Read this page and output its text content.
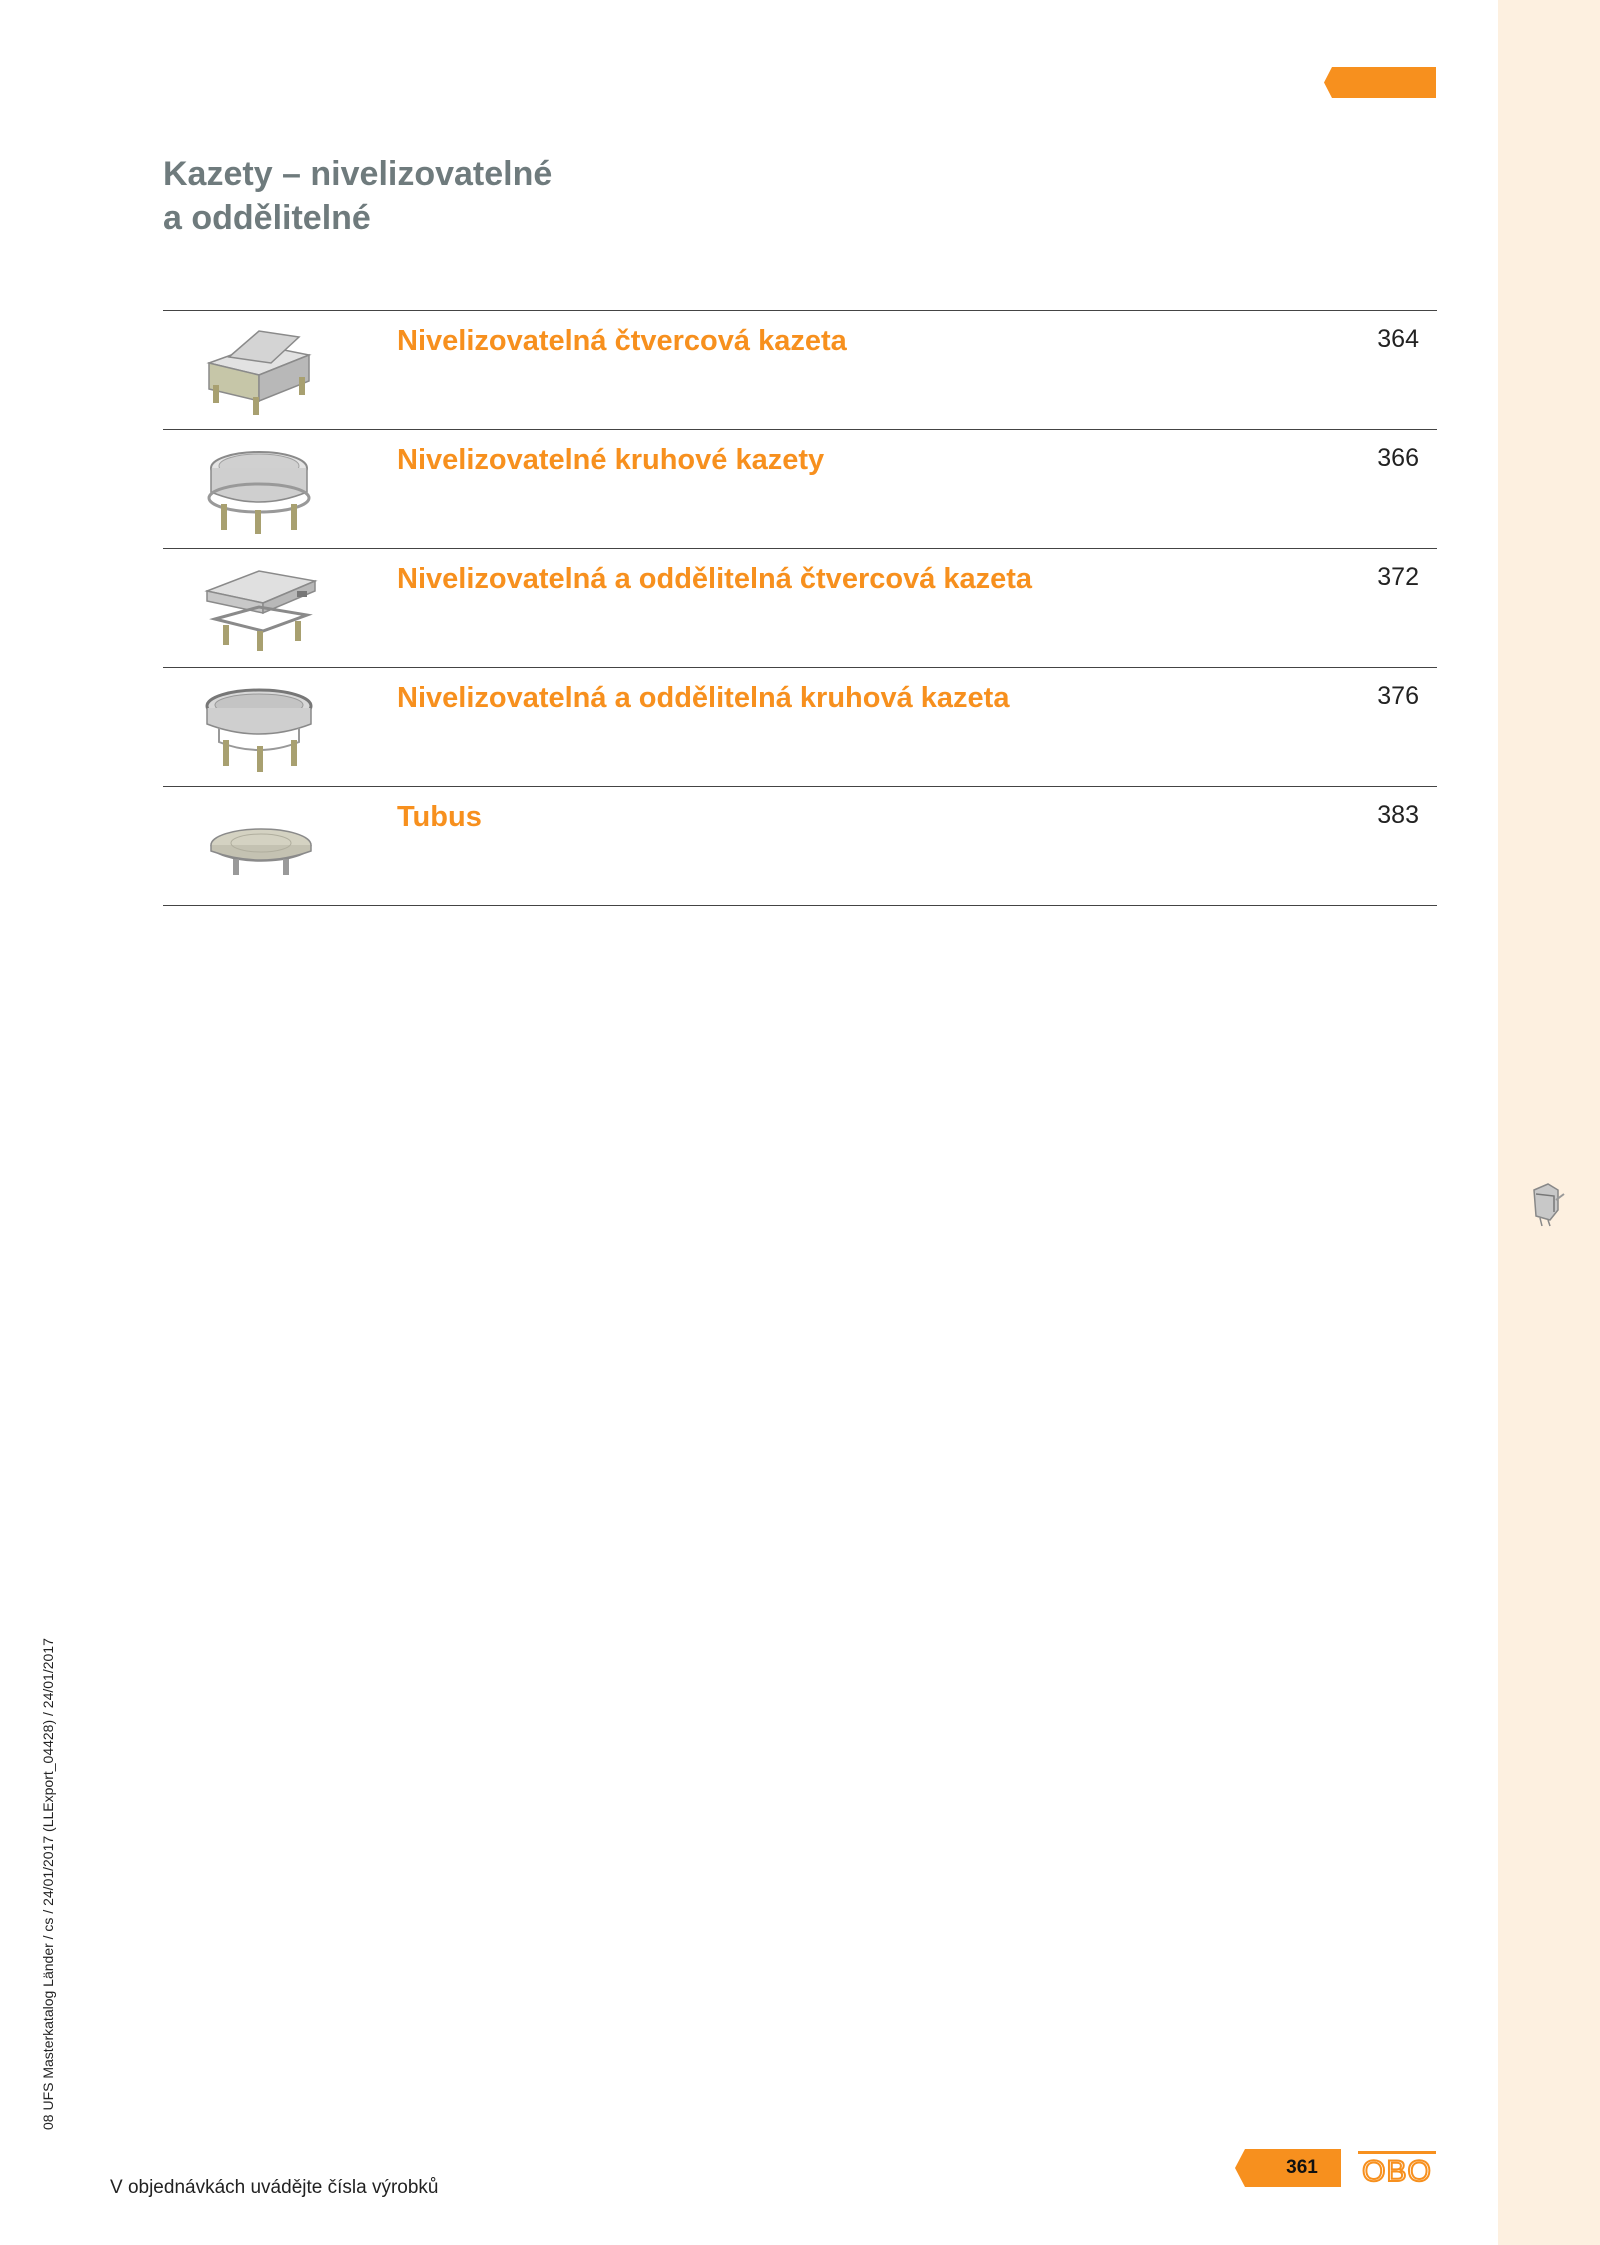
Kazety – nivelizovatelné
a oddělitelné
Nivelizovatelná čtvercová kazeta	364
Nivelizovatelné kruhové kazety	366
Nivelizovatelná a oddělitelná čtvercová kazeta	372
Nivelizovatelná a oddělitelná kruhová kazeta	376
Tubus	383
08 UFS Masterkatalog Länder / cs / 24/01/2017 (LLExport_04428) / 24/01/2017
V objednávkách uvádějte čísla výrobků
361	OBO
